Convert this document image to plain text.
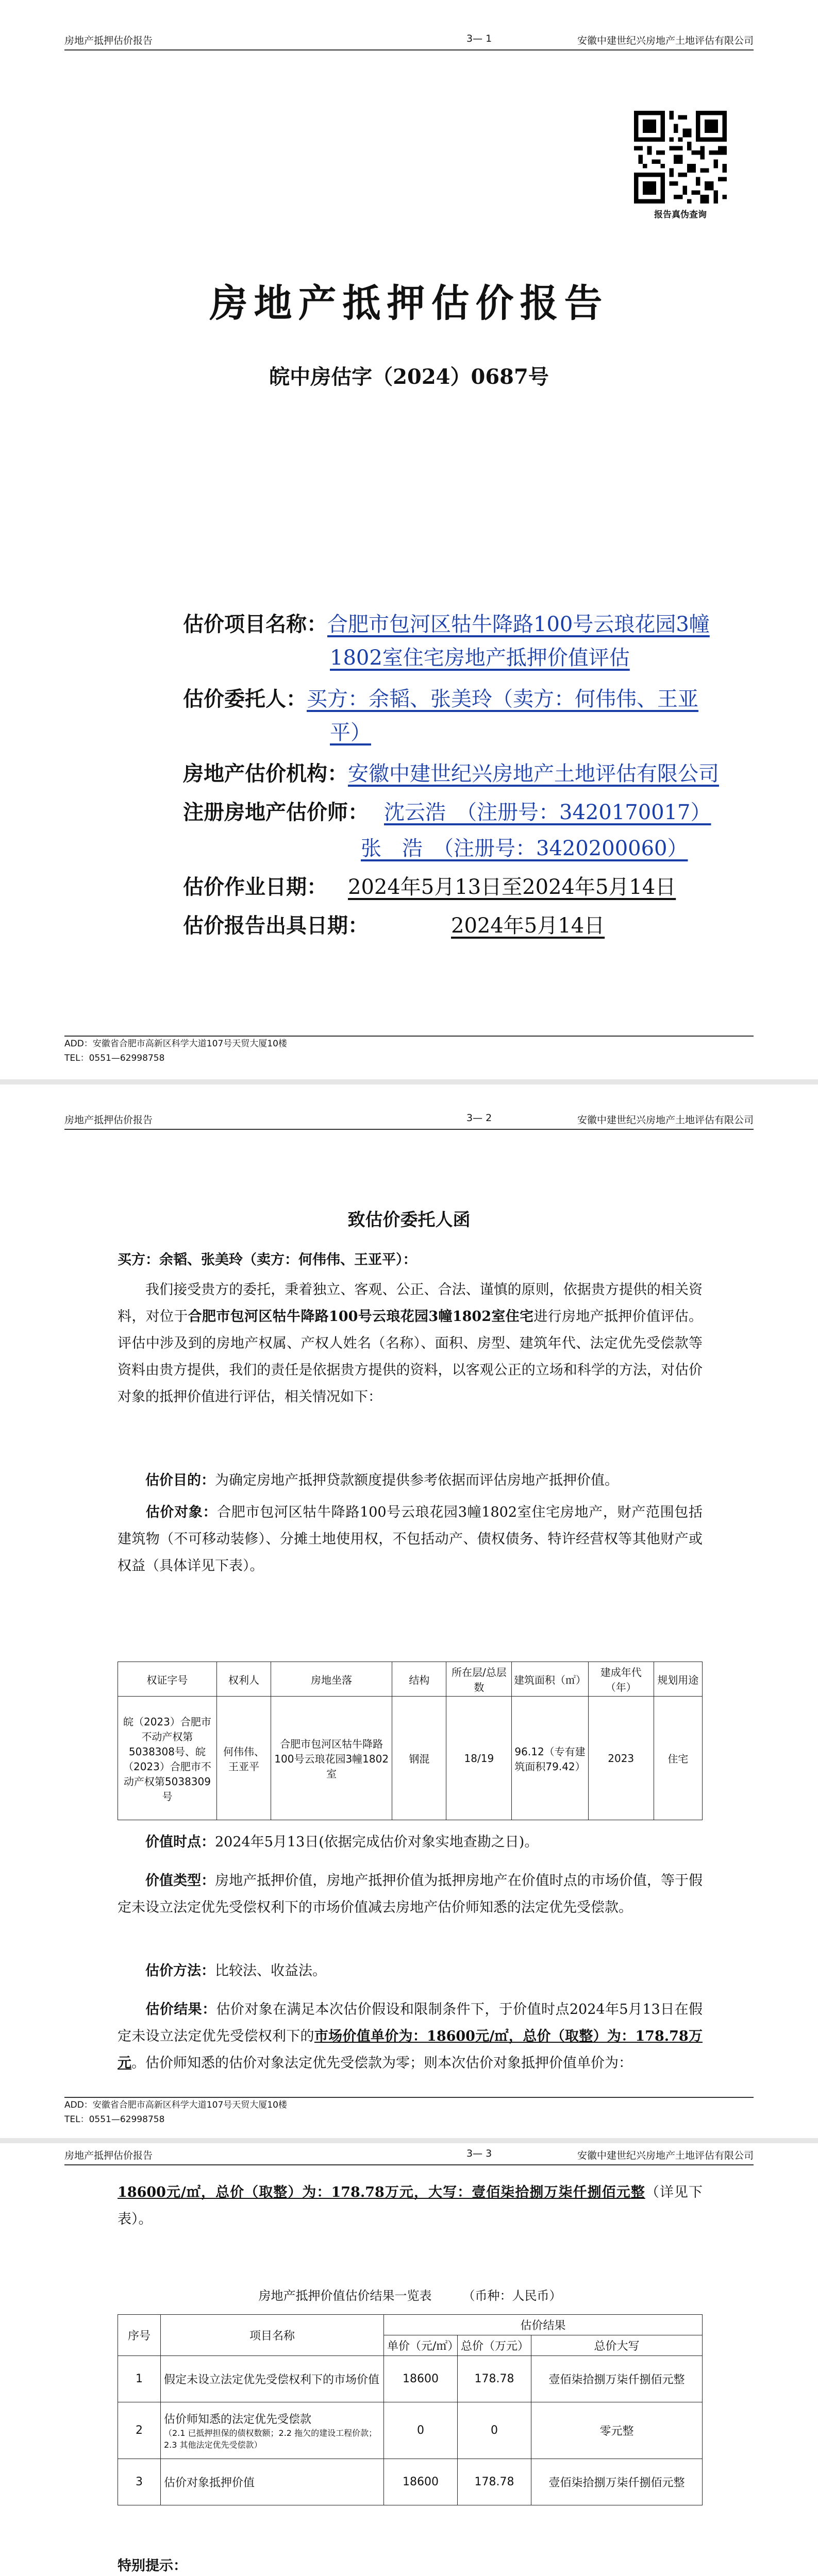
房地产抵押估价报告	3— 1	安徽中建世纪兴房地产土地评估有限公司
报告真伪查询
房地产抵押估价报告
皖中房估字（2024）0687号
估价项目名称：合肥市包河区牯牛降路100号云琅花园3幢
1802室住宅房地产抵押价值评估
估价委托人：买方：余韬、张美玲（卖方：何伟伟、王亚
平）
房地产估价机构：安徽中建世纪兴房地产土地评估有限公司
注册房地产估价师： 沈云浩　（注册号：3420170017）
张　浩　（注册号：3420200060）
估价作业日期： 2024年5月13日至2024年5月14日
估价报告出具日期：	2024年5月14日
ADD：安徽省合肥市高新区科学大道107号天贸大厦10楼
TEL：0551—62998758
房地产抵押估价报告	3— 2	安徽中建世纪兴房地产土地评估有限公司
致估价委托人函
买方：余韬、张美玲（卖方：何伟伟、王亚平）：
我们接受贵方的委托，秉着独立、客观、公正、合法、谨慎的原则，依据贵方提供的相关资料，对位于合肥市包河区牯牛降路100号云琅花园3幢1802室住宅进行房地产抵押价值评估。评估中涉及到的房地产权属、产权人姓名（名称）、面积、房型、建筑年代、法定优先受偿款等资料由贵方提供，我们的责任是依据贵方提供的资料，以客观公正的立场和科学的方法，对估价对象的抵押价值进行评估，相关情况如下：
估价目的：为确定房地产抵押贷款额度提供参考依据而评估房地产抵押价值。
估价对象：合肥市包河区牯牛降路100号云琅花园3幢1802室住宅房地产，财产范围包括建筑物（不可移动装修）、分摊土地使用权，不包括动产、债权债务、特许经营权等其他财产或权益（具体详见下表）。
权证字号	权利人	房地坐落	结构	所在层/总层数	建筑面积（㎡）	建成年代（年）	规划用途
皖（2023）合肥市不动产权第5038308号、皖（2023）合肥市不动产权第5038309号	何伟伟、王亚平	合肥市包河区牯牛降路100号云琅花园3幢1802室	钢混	18/19	96.12（专有建筑面积79.42）	2023	住宅
价值时点：2024年5月13日(依据完成估价对象实地查勘之日)。
价值类型：房地产抵押价值，房地产抵押价值为抵押房地产在价值时点的市场价值，等于假定未设立法定优先受偿权利下的市场价值减去房地产估价师知悉的法定优先受偿款。
估价方法：比较法、收益法。
估价结果：估价对象在满足本次估价假设和限制条件下，于价值时点2024年5月13日在假定未设立法定优先受偿权利下的市场价值单价为：18600元/㎡，总价（取整）为：178.78万元。估价师知悉的估价对象法定优先受偿款为零；则本次估价对象抵押价值单价为：
ADD：安徽省合肥市高新区科学大道107号天贸大厦10楼
TEL：0551—62998758
房地产抵押估价报告	3— 3	安徽中建世纪兴房地产土地评估有限公司
18600元/㎡，总价（取整）为：178.78万元，大写：壹佰柒拾捌万柒仟捌佰元整（详见下表）。
房地产抵押价值估价结果一览表　　　（币种：人民币）
序号	项目名称	估价结果		
		单价（元/㎡）	总价（万元）	总价大写
1	假定未设立法定优先受偿权利下的市场价值	18600	178.78	壹佰柒拾捌万柒仟捌佰元整
2	估价师知悉的法定优先受偿款
（2.1 已抵押担保的债权数额；2.2 拖欠的建设工程价款；2.3 其他法定优先受偿款）	0	0	零元整
3	估价对象抵押价值	18600	178.78	壹佰柒拾捌万柒仟捌佰元整
特别提示：
